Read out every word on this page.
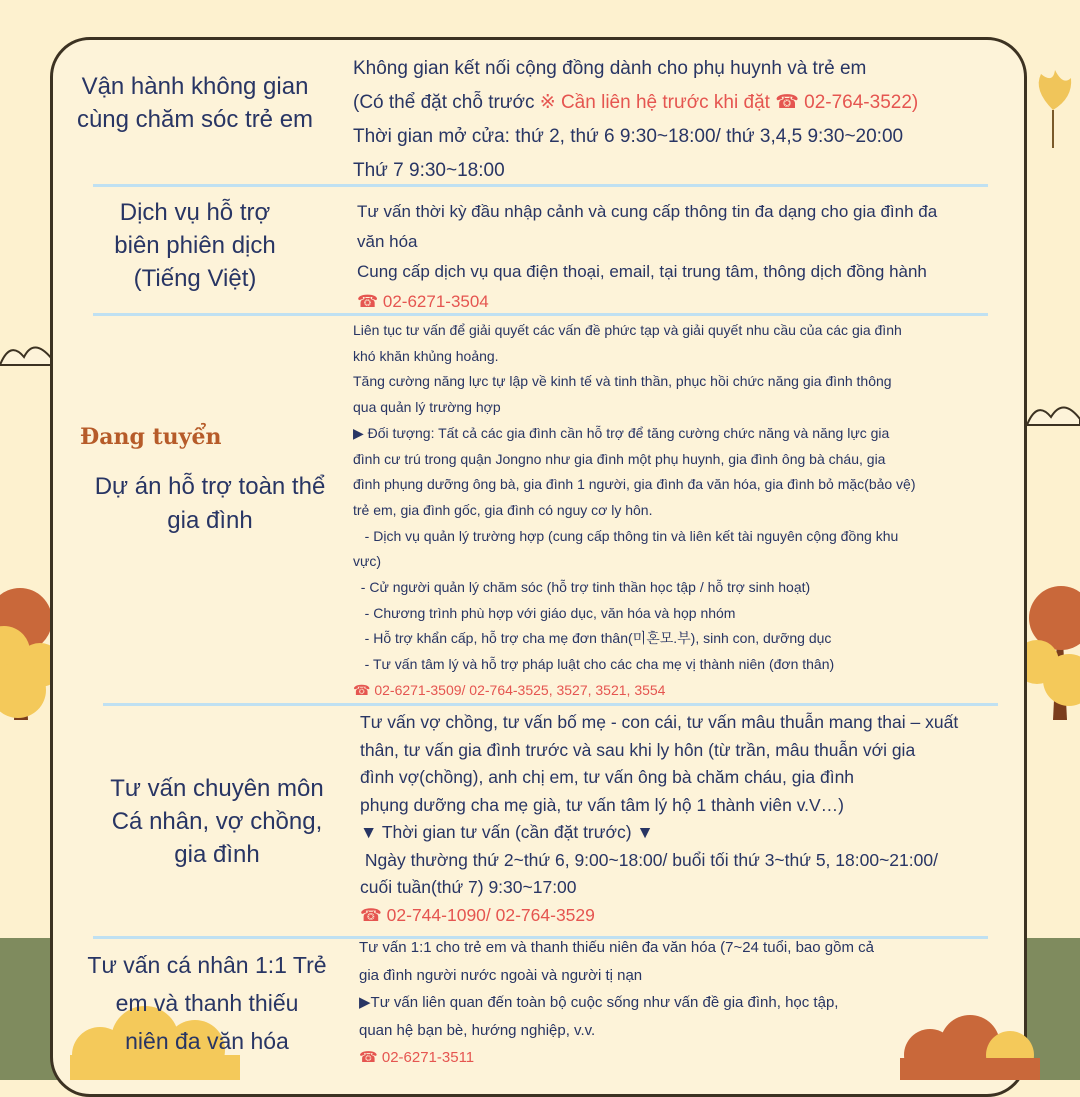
Vận hành không gian
cùng chăm sóc trẻ em

Không gian kết nối cộng đồng dành cho phụ huynh và trẻ em

(Có thể đặt chỗ trước ※ Cần liên hệ trước khi đặt ☎ 02-764-3522)

Thời gian mở cửa: thứ 2, thứ 6 9:30~18:00/ thứ 3,4,5 9:30~20:00

Thứ 7 9:30~18:00

Dịch vụ hỗ trợ
biên phiên dịch
(Tiếng Việt)

Tư vấn thời kỳ đầu nhập cảnh và cung cấp thông tin đa dạng cho gia đình đa

văn hóa

Cung cấp dịch vụ qua điện thoại, email, tại trung tâm, thông dịch đồng hành

☎ 02-6271-3504

Đang tuyển
Dự án hỗ trợ toàn thể
gia đình

Liên tục tư vấn để giải quyết các vấn đề phức tạp và giải quyết nhu cầu của các gia đình

khó khăn khủng hoảng.

Tăng cường năng lực tự lập về kinh tế và tinh thần, phục hồi chức năng gia đình thông

qua quản lý trường hợp

▶ Đối tượng: Tất cả các gia đình cần hỗ trợ để tăng cường chức năng và năng lực gia

đình cư trú trong quận Jongno như gia đình một phụ huynh, gia đình ông bà cháu, gia

đình phụng dưỡng ông bà, gia đình 1 người, gia đình đa văn hóa, gia đình bỏ mặc(bảo vệ)

trẻ em, gia đình gốc, gia đình có nguy cơ ly hôn.

- Dịch vụ quản lý trường hợp (cung cấp thông tin và liên kết tài nguyên cộng đồng khu

vực)

- Cử người quản lý chăm sóc (hỗ trợ tinh thần học tập / hỗ trợ sinh hoạt)

- Chương trình phù hợp với giáo dục, văn hóa và họp nhóm

- Hỗ trợ khẩn cấp, hỗ trợ cha mẹ đơn thân(미혼모.부), sinh con, dưỡng dục

- Tư vấn tâm lý và hỗ trợ pháp luật cho các cha mẹ vị thành niên (đơn thân)

☎ 02-6271-3509/ 02-764-3525, 3527, 3521, 3554

Tư vấn chuyên môn
Cá nhân, vợ chồng,
gia đình

Tư vấn vợ chồng, tư vấn bố mẹ - con cái, tư vấn mâu thuẫn mang thai – xuất

thân, tư vấn gia đình trước và sau khi ly hôn (từ trần, mâu thuẫn với gia

đình vợ(chồng), anh chị em, tư vấn ông bà chăm cháu, gia đình

phụng dưỡng cha mẹ già, tư vấn tâm lý hộ 1 thành viên v.V…)

▼ Thời gian tư vấn (cần đặt trước) ▼

Ngày thường thứ 2~thứ 6, 9:00~18:00/ buổi tối thứ 3~thứ 5, 18:00~21:00/

cuối tuần(thứ 7) 9:30~17:00

☎ 02-744-1090/ 02-764-3529

Tư vấn cá nhân 1:1 Trẻ
em và thanh thiếu
niên đa văn hóa

Tư vấn 1:1 cho trẻ em và thanh thiếu niên đa văn hóa (7~24 tuổi, bao gồm cả

gia đình người nước ngoài và người tị nạn

▶Tư vấn liên quan đến toàn bộ cuộc sống như vấn đề gia đình, học tập,

quan hệ bạn bè, hướng nghiệp, v.v.

☎ 02-6271-3511
